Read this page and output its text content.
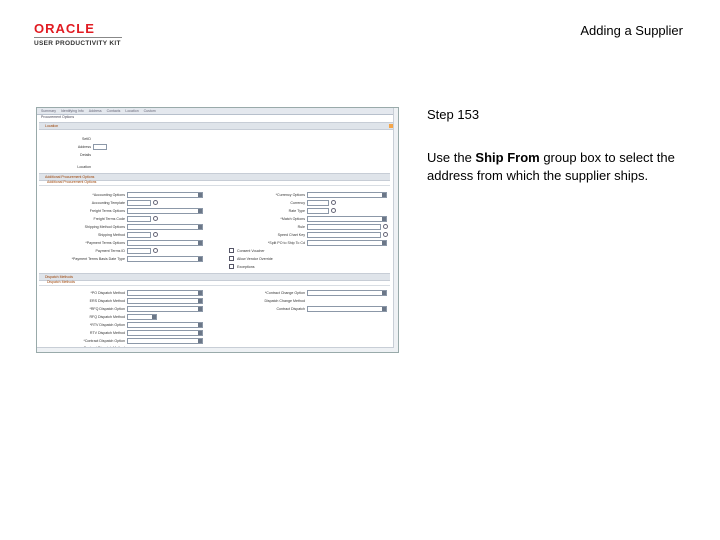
ORACLE
USER PRODUCTIVITY KIT
Adding a Supplier
Summary Identifying Info Address Contacts Location Custom
Procurement Options
Location
SetID
Address
Details
Location
Additional Procurement Options
Additional Procurement Options
*Accounting Options
Accounting Template
Freight Terms Options
Freight Terms Code
Shipping Method Options
Shipping Method
*Payment Terms Options
Payment Terms ID
*Payment Terms Basis Date Type
*Currency Options
Currency
Rate Type
*Match Options
Rule
Speed Chart Key
*Split PO to Ship To Cd
Consent Voucher
Allow Vendor Override
Exceptions
Dispatch Methods
Dispatch Methods
*PO Dispatch Method
ERS Dispatch Method
*RFQ Dispatch Option
RFQ Dispatch Method
*RTV Dispatch Option
RTV Dispatch Method
*Contract Dispatch Option
*Contract Change Option
Dispatch Change Method
Contract Dispatch
Step 153
Use the Ship From group box to select the address from which the supplier ships.
